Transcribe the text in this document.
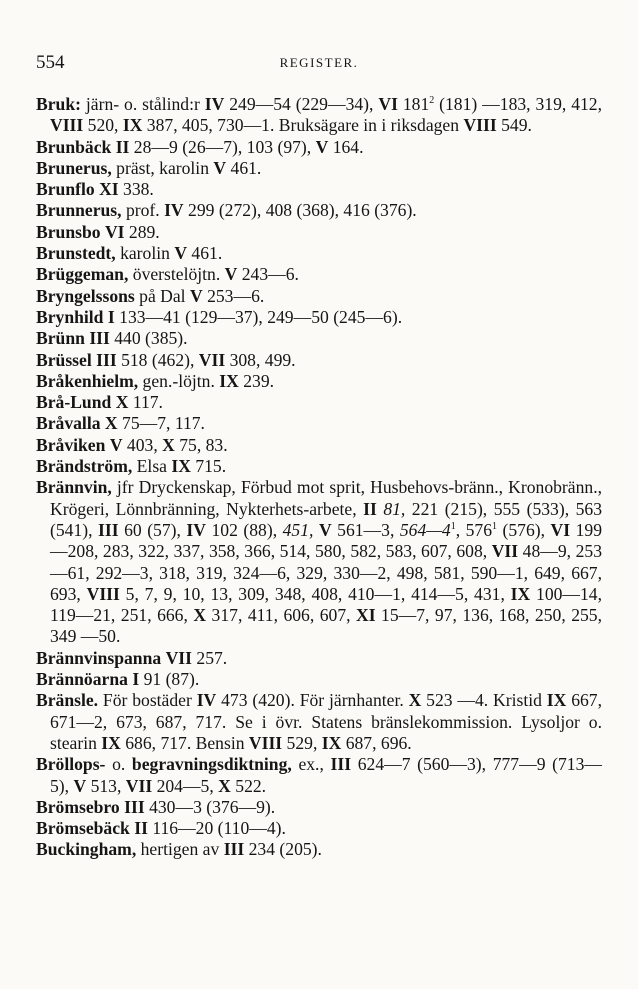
554	REGISTER.

Bruk: järn- o. stålind:r IV 249—54 (229—34), VI $181^2$ (181) —183, 319, 412, VIII 520, IX 387, 405, 730—1. Bruksägare in i riksdagen VIII 549.

Brunbäck II 28—9 (26—7), 103 (97), V 164.

Brunerus, präst, karolin V 461.

Brunflo XI 338.

Brunnerus, prof. IV 299 (272), 408 (368), 416 (376).

Brunsbo VI 289.

Brunstedt, karolin V 461.

Brüggeman, överstelöjtn. V 243—6.

Bryngelssons på Dal V 253—6.

Brynhild I 133—41 (129—37), 249—50 (245—6).

Brünn III 440 (385).

Brüssel III 518 (462), VII 308, 499.

Bråkenhielm, gen.-löjtn. IX 239.

Brå-Lund X 117.

Bråvalla X 75—7, 117.

Bråviken V 403, X 75, 83.

Brändström, Elsa IX 715.

Brännvin, jfr Dryckenskap, Förbud mot sprit, Husbehovs-bränn., Kronobränn., Krögeri, Lönnbränning, Nykterhets-arbete, II 81, 221 (215), 555 (533), 563 (541), III 60 (57), IV 102 (88), 451, V 561—3, $564—4^1$, $576^1$ (576), VI 199—208, 283, 322, 337, 358, 366, 514, 580, 582, 583, 607, 608, VII 48—9, 253—61, 292—3, 318, 319, 324—6, 329, 330—2, 498, 581, 590—1, 649, 667, 693, VIII 5, 7, 9, 10, 13, 309, 348, 408, 410—1, 414—5, 431, IX 100—14, 119—21, 251, 666, X 317, 411, 606, 607, XI 15—7, 97, 136, 168, 250, 255, 349 —50.

Brännvinspanna VII 257.

Brännöarna I 91 (87).

Bränsle. För bostäder IV 473 (420). För järnhanter. X 523 —4. Kristid IX 667, 671—2, 673, 687, 717. Se i övr. Statens bränslekommission. Lysoljor o. stearin IX 686, 717. Bensin VIII 529, IX 687, 696.

Bröllops- o. begravningsdiktning, ex., III 624—7 (560—3), 777—9 (713—5), V 513, VII 204—5, X 522.

Brömsebro III 430—3 (376—9).

Brömsebäck II 116—20 (110—4).

Buckingham, hertigen av III 234 (205).
